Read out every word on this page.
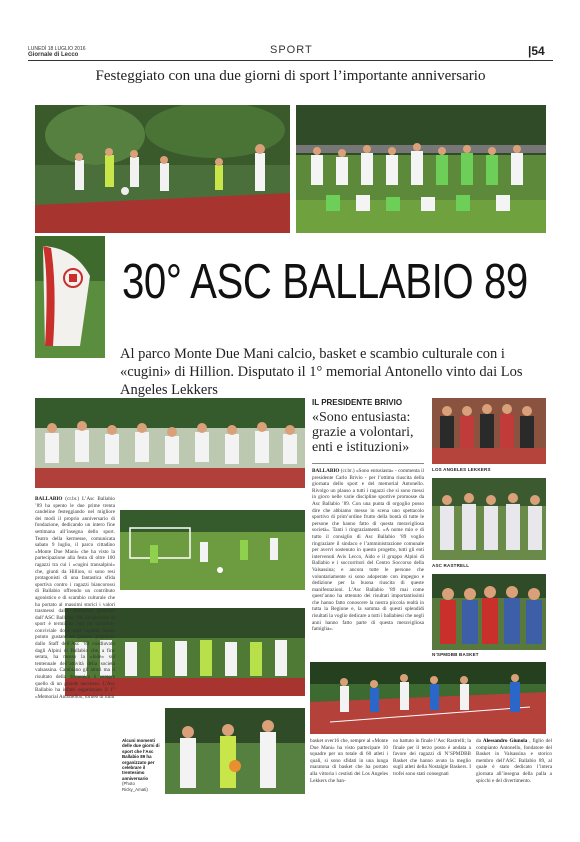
LUNEDÌ 18 LUGLIO 2016
Giornale di Lecco	SPORT	|54
Festeggiato con una due giorni di sport l’importante anniversario
30° ASC BALLABIO 89
Al parco Monte Due Mani calcio, basket e scambio culturale con i «cugini» di Hillion. Disputato il 1° memorial Antonello vinto dai Los Angeles Lekkers
BALLABIO (cr.br.) L’Asc Ballabio ’89 ha spento le due prime trenta candeline festeggiando nel migliore dei modi il proprio anniversario di fondazione, dedicando un intero fine settimana all’insegna dello sport. Teatro della kermesse, comunicata sabato 9 luglio, il parco cittadino «Monte Due Mani» che ha visto la partecipazione alla festa di oltre 100 ragazzi tra cui i «cugini transalpini» che, giunti da Hillion, si sono resi protagonisti di una fantastica sfida sportiva contro i ragazzi biancorossi di Ballabio offrendo un contributo agonistico e di scambio culturale che ha portato al massimi storici i valori trasmessi dalle discipline proposte dall’ASC Ballabio ’89. La giornata di sport è terminata con un momento conviviale dove tutti ragazzi hanno potuto gustare un pranzo preparato dallo Staff dell’Asc ’89 coadiuvato dagli Alpini di Ballabio che, a fine serata, ha messo la «lode» sul tentennale dell’attività della società valsassina. Cambiano gli attori ma il risultato della domenica è sempre quello di un grande successo. L’Asc Ballabio ha infatti organizzato il 1° «Memorial Antonello», torneo di mini
Alcuni momenti delle due giorni di sport che l’Asc Ballabio 89 ha organizzato per celebrare il trentesimo anniversario (Photo Ricky_Amati)
basket over16 che, sempre al «Monte Due Mani» ha visto partecipare 10 squadre per un totale di 60 atleti i quali, si sono sfidati in una lunga maratona di basket che ha portato alla vittoria i cestisti dei Los Angeles Lekkers che han-
no battuto in finale l’Asc Rastrelli; la finale per il terzo posto è andata a favore dei ragazzi di N’SPMDBB Basket che hanno avuto la meglio sugli atleti della Nostalgie Baskers. I trofei sono stati consegnati
da Alessandro Giunola , figlio del compianto Antonello, fondatore del Basket in Valsassina e storico membro dell’ASC Ballabio 89, al quale è stato dedicato l’intera giornata all’insegna della palla a spicchi e del divertimento.
IL PRESIDENTE BRIVIO
«Sono entusiasta: grazie a volontari, enti e istituzioni»
BALLABIO (cr.br.) «Sono entusiasta» - commenta il presidente Carlo Brivio - per l’ottima riuscita della giornata dello sport e del memorial Antonello. Rivolgo un plauso a tutti i ragazzi che si sono messi in gioco nelle varie discipline sportive promosse da Asc Ballabio ’89. Con una punta di orgoglio posso dire che abbiamo messo in scena uno spettacolo sportivo di prim’ordine frutto della bontà di tutte le persone che hanno fatto di questa meravigliosa società». Tanti i ringraziamenti. «A nome mio e di tutto il consiglio di Asc Ballabio ’89 voglio ringraziare il sindaco e l’amministrazione comunale per avervi sostenuto in questo progetto, tutti gli enti intervenuti Avis Lecco, Aido e il gruppo Alpini di Ballabio e i soccorritori del Centro Soccorso della Valsassina; e ancora tutte le persone che volontariamente si sono adoperate con impegno e dedizione per la buona riuscita di queste manifestazioni. L’Asc Ballabio ’89 mai come quest’anno ha ottenuto dei risultati importantissimi che hanno fatto conoscere la nostra piccola realtà in tutta la Regione e, la somma di questi splendidi risultati la voglio dedicare a tutti i ballabiesi che negli anni hanno fatto parte di questa meravigliosa famiglia».
LOS ANGELES LEKKERS
ASC RASTRELL
N’SPMDBB BASKET
